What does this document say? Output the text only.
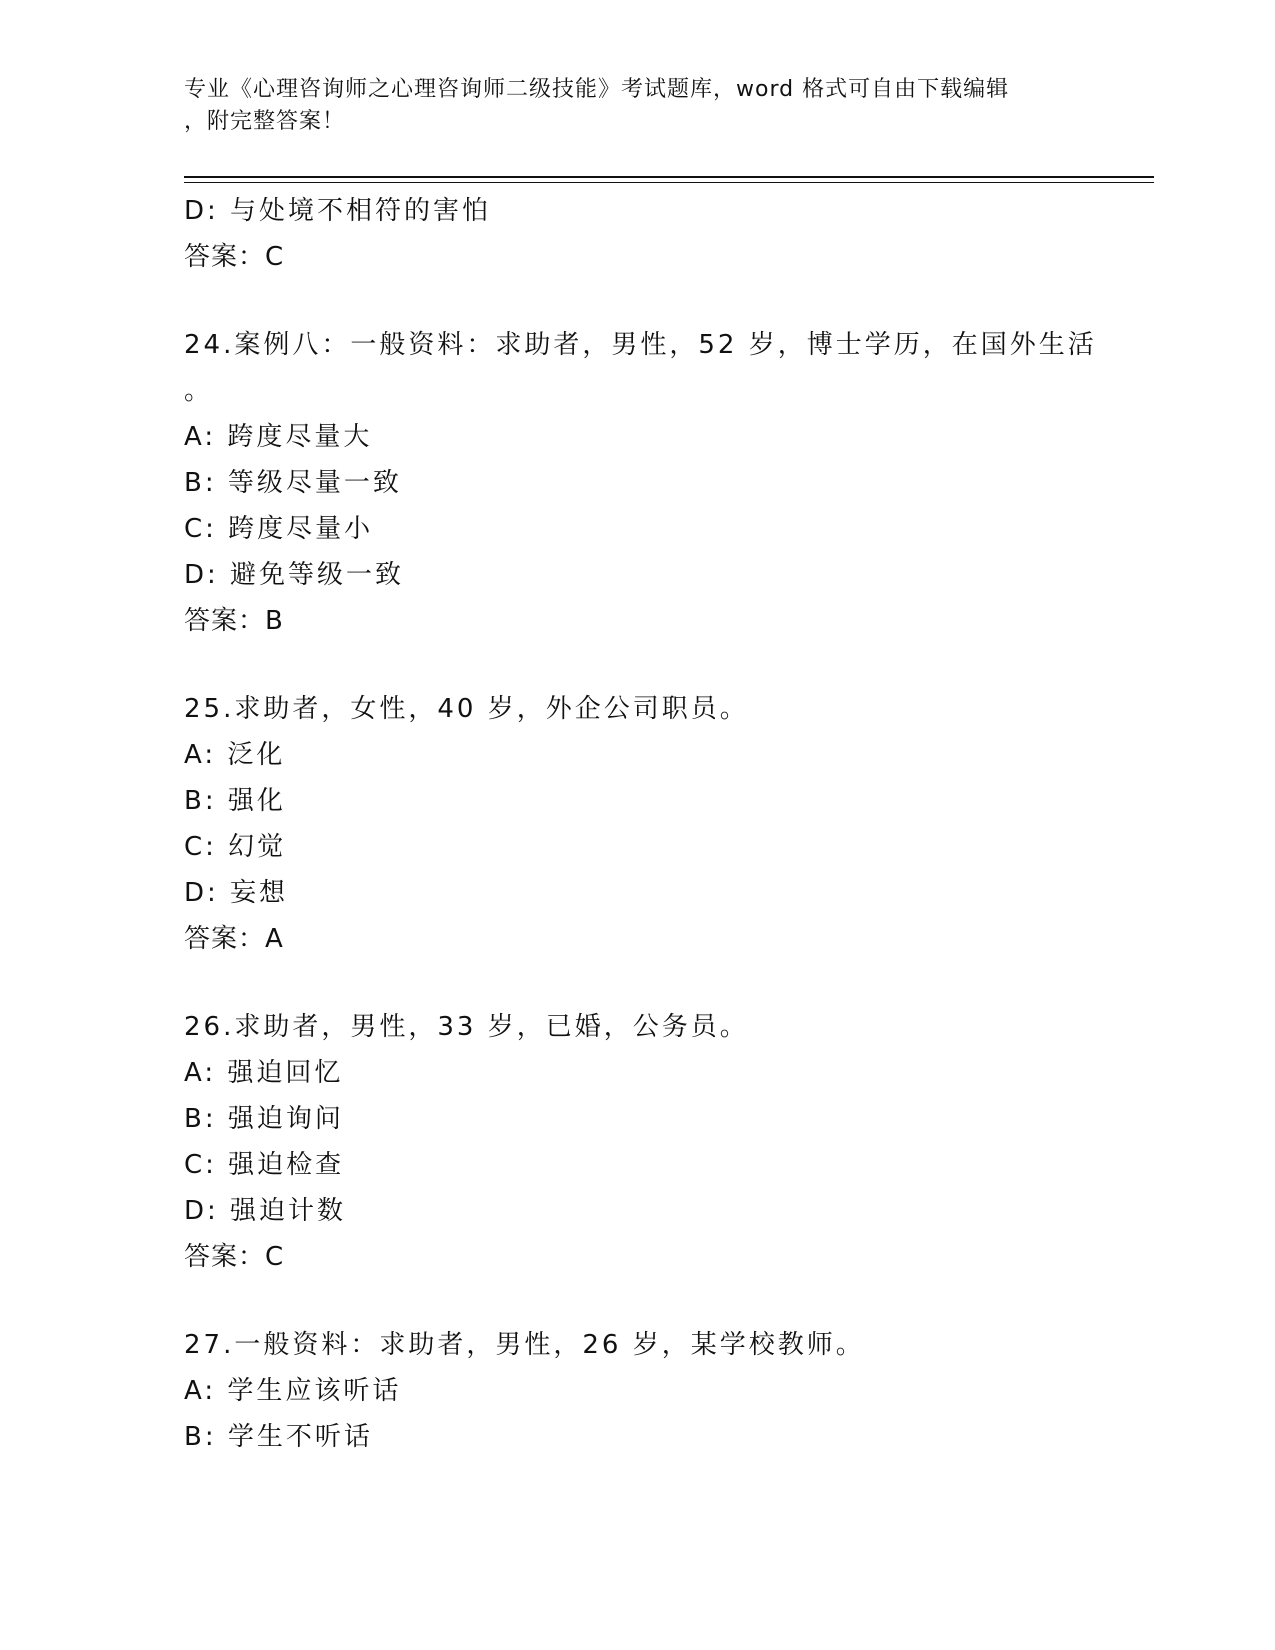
专业《心理咨询师之心理咨询师二级技能》考试题库，word 格式可自由下载编辑
，附完整答案！
D: 与处境不相符的害怕
答案：C
24.案例八：一般资料：求助者，男性，52 岁，博士学历，在国外生活
。
A: 跨度尽量大
B: 等级尽量一致
C: 跨度尽量小
D: 避免等级一致
答案：B
25.求助者，女性，40 岁，外企公司职员。
A: 泛化
B: 强化
C: 幻觉
D: 妄想
答案：A
26.求助者，男性，33 岁，已婚，公务员。
A: 强迫回忆
B: 强迫询问
C: 强迫检查
D: 强迫计数
答案：C
27.一般资料：求助者，男性，26 岁，某学校教师。
A: 学生应该听话
B: 学生不听话
